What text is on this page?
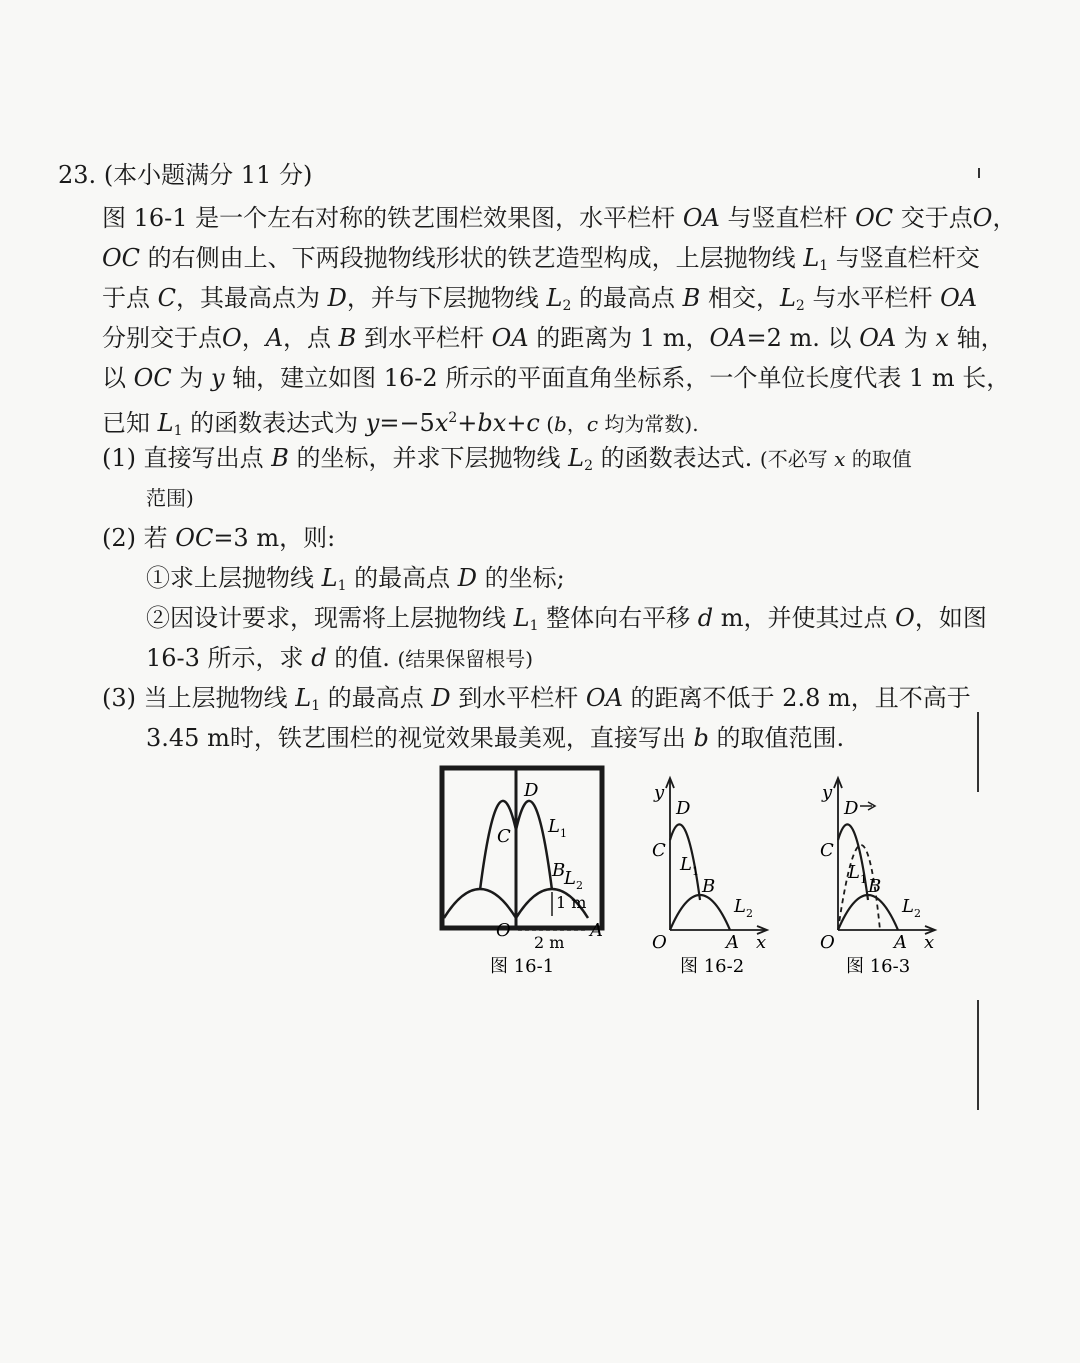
23. (本小题满分 11 分)
图 16-1 是一个左右对称的铁艺围栏效果图，水平栏杆 OA 与竖直栏杆 OC 交于点O，
OC 的右侧由上、下两段抛物线形状的铁艺造型构成，上层抛物线 $L_1$ 与竖直栏杆交
于点 C，其最高点为 D，并与下层抛物线 $L_2$ 的最高点 B 相交，$L_2$ 与水平栏杆 OA
分别交于点O，A，点 B 到水平栏杆 OA 的距离为 1 m，OA=2 m. 以 OA 为 x 轴，
以 OC 为 y 轴，建立如图 16-2 所示的平面直角坐标系，一个单位长度代表 1 m 长，
已知 $L_1$ 的函数表达式为 $y=-5x^2+bx+c$ (b，c 均为常数).
(1) 直接写出点 B 的坐标，并求下层抛物线 $L_2$ 的函数表达式. (不必写 x 的取值
范围)
(2) 若 OC=3 m，则:
①求上层抛物线 $L_1$ 的最高点 D 的坐标;
②因设计要求，现需将上层抛物线 $L_1$ 整体向右平移 d m，并使其过点 O，如图
16-3 所示，求 d 的值. (结果保留根号)
(3) 当上层抛物线 $L_1$ 的最高点 D 到水平栏杆 OA 的距离不低于 2.8 m，且不高于
3.45 m时，铁艺围栏的视觉效果最美观，直接写出 b 的取值范围.
D
C $L_1$
B
$L_2$
1 m
O
2 m
A
图 16-1
y
D
C
$L_1$
B
$L_2$
O	A x
图 16-2
y
D
C
$L_1$ B
$L_2$
O	A x
图 16-3
